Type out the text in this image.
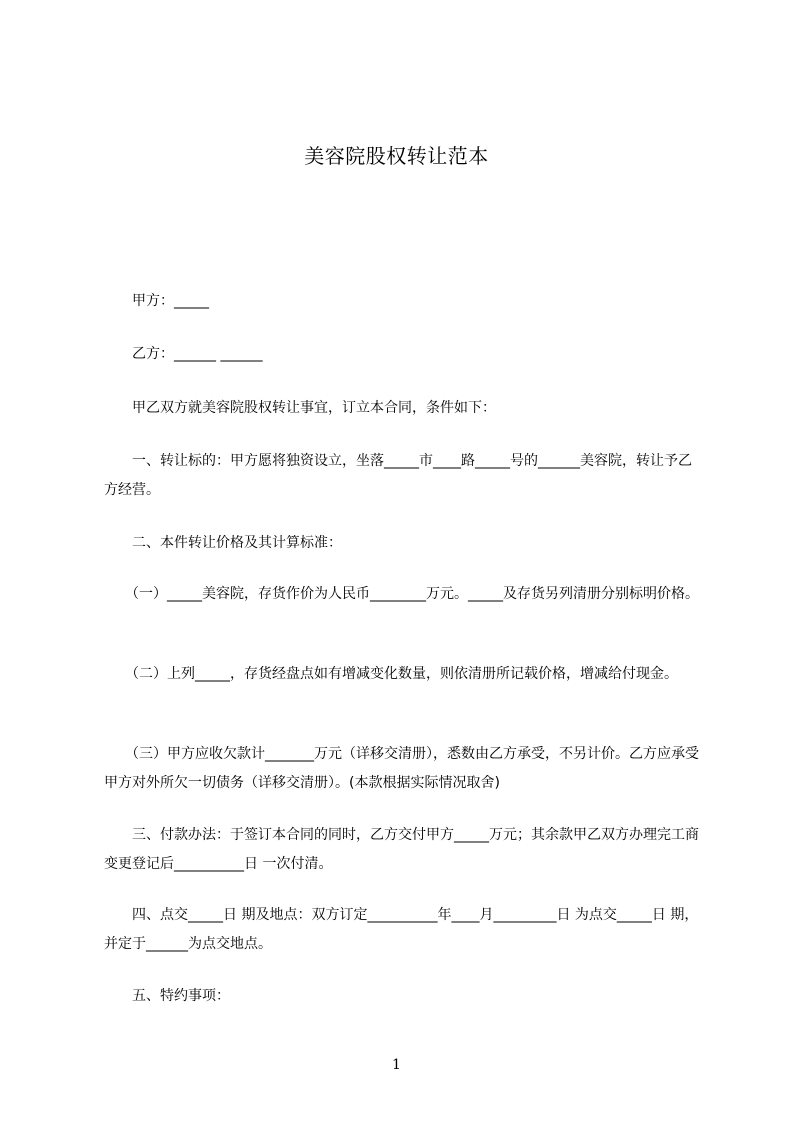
美容院股权转让范本
　　甲方：_____
　　乙方：______ ______
　　甲乙双方就美容院股权转让事宜，订立本合同，条件如下：
　　一、转让标的：甲方愿将独资设立，坐落_____市____路_____号的______美容院，转让予乙方经营。
　　二、本件转让价格及其计算标准：
　　（一）_____美容院，存货作价为人民币________万元。_____及存货另列清册分别标明价格。
　　（二）上列_____，存货经盘点如有增减变化数量，则依清册所记载价格，增减给付现金。
　　（三）甲方应收欠款计_______万元（详移交清册），悉数由乙方承受，不另计价。乙方应承受甲方对外所欠一切债务（详移交清册）。(本款根据实际情况取舍)
　　三、付款办法：于签订本合同的同时，乙方交付甲方_____万元；其余款甲乙双方办理完工商变更登记后__________日 一次付清。
　　四、点交_____日 期及地点：双方订定__________年____月_________日 为点交_____日 期，并定于______为点交地点。
　　五、特约事项：
1
